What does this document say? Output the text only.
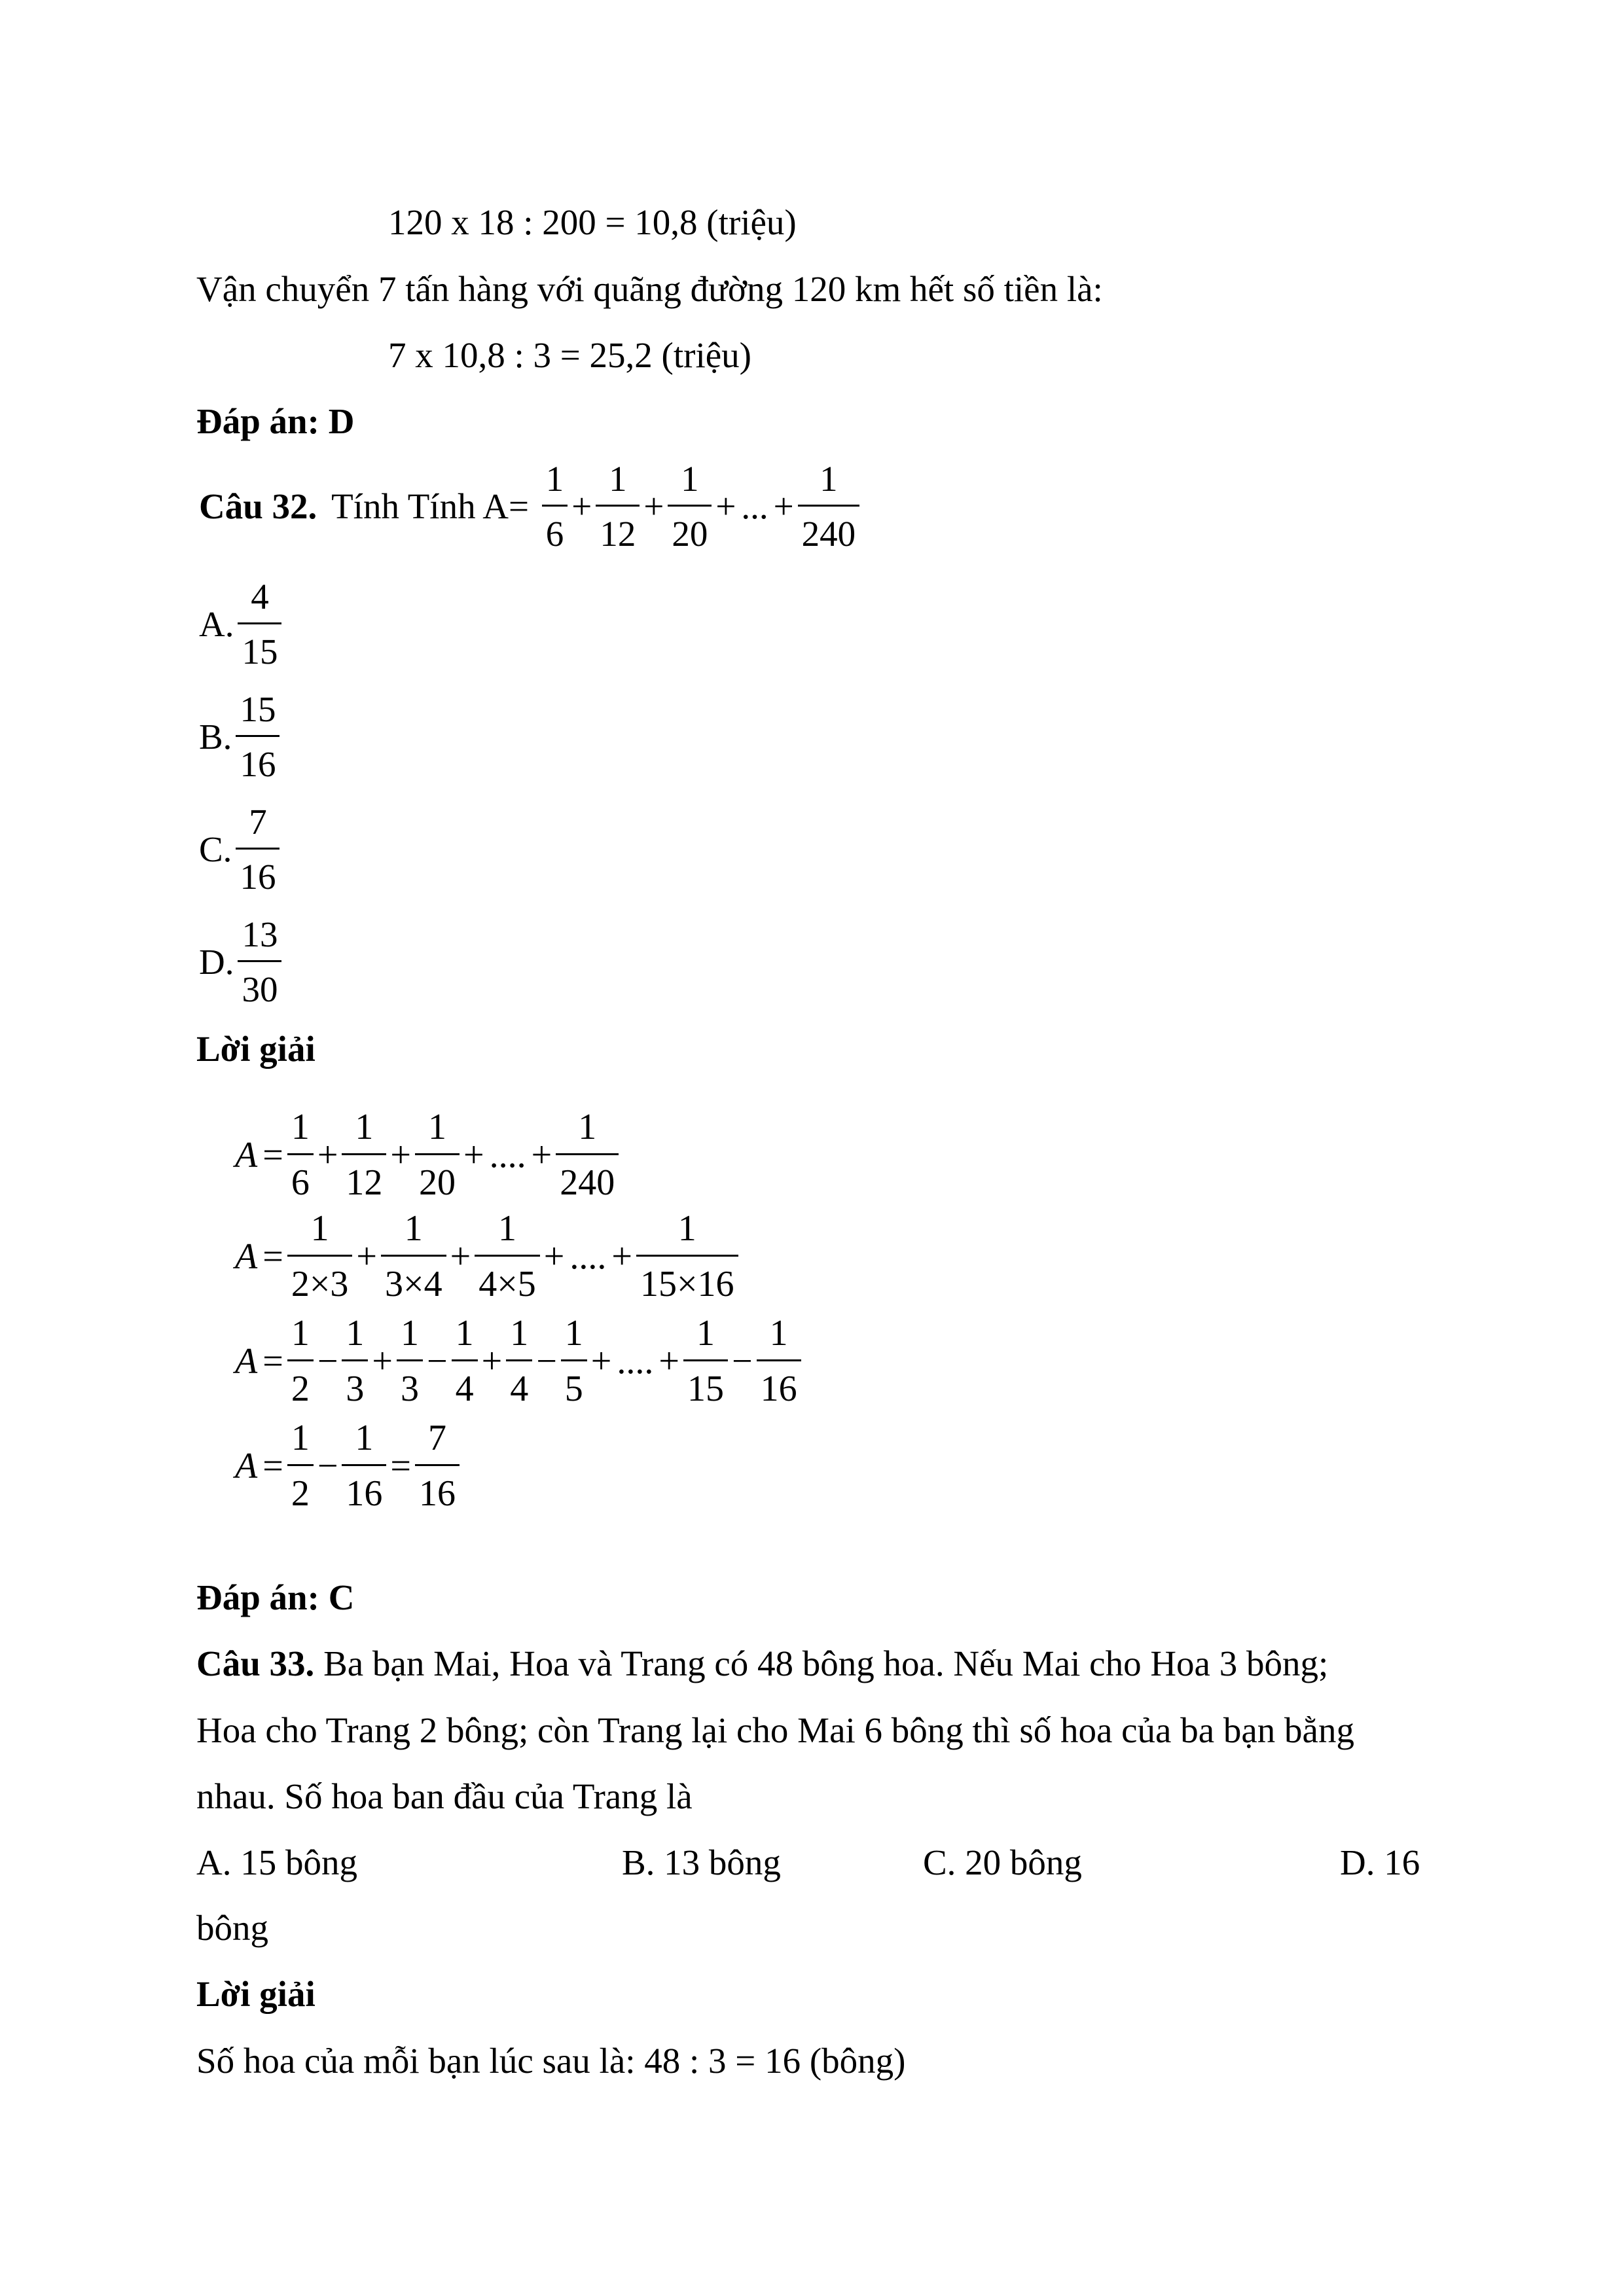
120 x 18 : 200 = 10,8 (triệu)
Vận chuyển 7 tấn hàng với quãng đường 120 km hết số tiền là:
7 x 10,8 : 3 = 25,2 (triệu)
Đáp án: D
Câu 32. Tính Tính $A= \frac{1}{6} + \frac{1}{12} + \frac{1}{20}$ + ... + $\frac{1}{240}$
A. $\frac{4}{15}$
B. $\frac{15}{16}$
C. $\frac{7}{16}$
D. $\frac{13}{30}$
Lời giải
$A = \frac{1}{6} + \frac{1}{12} + \frac{1}{20}$ + .... + $\frac{1}{240}$
$A = \frac{1}{2\times 3} + \frac{1}{3\times 4} + \frac{1}{4\times 5}$ + .... + $\frac{1}{15\times 16}$
$A = \frac{1}{2} - \frac{1}{3} + \frac{1}{3} - \frac{1}{4} + \frac{1}{4} - \frac{1}{5}$ + .... + $\frac{1}{15} - \frac{1}{16}$
$A = \frac{1}{2} - \frac{1}{16} = \frac{7}{16}$
Đáp án: C
Câu 33. Ba bạn Mai, Hoa và Trang có 48 bông hoa. Nếu Mai cho Hoa 3 bông;
Hoa cho Trang 2 bông; còn Trang lại cho Mai 6 bông thì số hoa của ba bạn bằng
nhau. Số hoa ban đầu của Trang là
A. 15 bông	B. 13 bông	C. 20 bông	D. 16
bông
Lời giải
Số hoa của mỗi bạn lúc sau là: 48 : 3 = 16 (bông)
